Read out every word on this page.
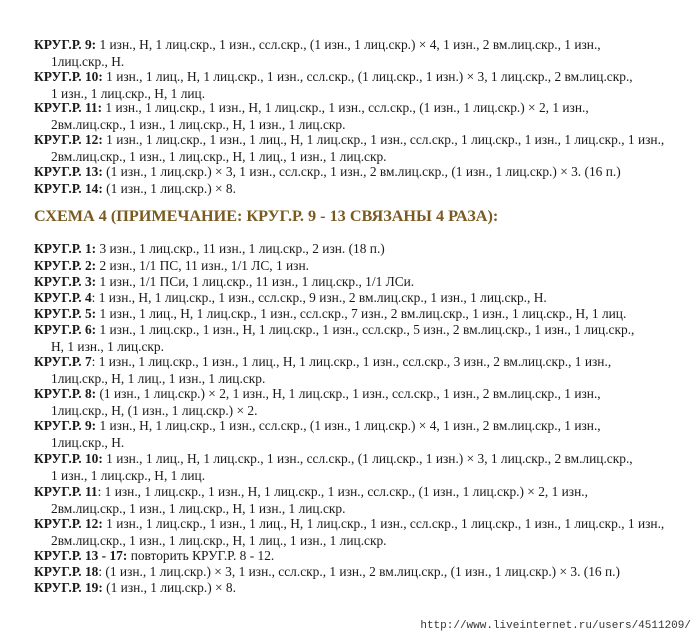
КРУГ.Р. 9: 1 изн., Н, 1 лиц.скр., 1 изн., ссл.скр., (1 изн., 1 лиц.скр.) × 4, 1 изн., 2 вм.лиц.скр., 1 изн.,
1лиц.скр., Н.
КРУГ.Р. 10: 1 изн., 1 лиц., Н, 1 лиц.скр., 1 изн., ссл.скр., (1 лиц.скр., 1 изн.) × 3, 1 лиц.скр., 2 вм.лиц.скр.,
1 изн., 1 лиц.скр., Н, 1 лиц.
КРУГ.Р. 11: 1 изн., 1 лиц.скр., 1 изн., Н, 1 лиц.скр., 1 изн., ссл.скр., (1 изн., 1 лиц.скр.) × 2, 1 изн.,
2вм.лиц.скр., 1 изн., 1 лиц.скр., Н, 1 изн., 1 лиц.скр.
КРУГ.Р. 12: 1 изн., 1 лиц.скр., 1 изн., 1 лиц., Н, 1 лиц.скр., 1 изн., ссл.скр., 1 лиц.скр., 1 изн., 1 лиц.скр., 1 изн.,
2вм.лиц.скр., 1 изн., 1 лиц.скр., Н, 1 лиц., 1 изн., 1 лиц.скр.
КРУГ.Р. 13: (1 изн., 1 лиц.скр.) × 3, 1 изн., ссл.скр., 1 изн., 2 вм.лиц.скр., (1 изн., 1 лиц.скр.) × 3. (16 п.)
КРУГ.Р. 14: (1 изн., 1 лиц.скр.) × 8.
СХЕМА 4 (ПРИМЕЧАНИЕ: КРУГ.Р. 9 - 13 СВЯЗАНЫ 4 РАЗА):
КРУГ.Р. 1: 3 изн., 1 лиц.скр., 11 изн., 1 лиц.скр., 2 изн. (18 п.)
КРУГ.Р. 2: 2 изн., 1/1 ПС, 11 изн., 1/1 ЛС, 1 изн.
КРУГ.Р. 3: 1 изн., 1/1 ПСи, 1 лиц.скр., 11 изн., 1 лиц.скр., 1/1 ЛСи.
КРУГ.Р. 4: 1 изн., Н, 1 лиц.скр., 1 изн., ссл.скр., 9 изн., 2 вм.лиц.скр., 1 изн., 1 лиц.скр., Н.
КРУГ.Р. 5: 1 изн., 1 лиц., Н, 1 лиц.скр., 1 изн., ссл.скр., 7 изн., 2 вм.лиц.скр., 1 изн., 1 лиц.скр., Н, 1 лиц.
КРУГ.Р. 6: 1 изн., 1 лиц.скр., 1 изн., Н, 1 лиц.скр., 1 изн., ссл.скр., 5 изн., 2 вм.лиц.скр., 1 изн., 1 лиц.скр.,
Н, 1 изн., 1 лиц.скр.
КРУГ.Р. 7: 1 изн., 1 лиц.скр., 1 изн., 1 лиц., Н, 1 лиц.скр., 1 изн., ссл.скр., 3 изн., 2 вм.лиц.скр., 1 изн.,
1лиц.скр., Н, 1 лиц., 1 изн., 1 лиц.скр.
КРУГ.Р. 8: (1 изн., 1 лиц.скр.) × 2, 1 изн., Н, 1 лиц.скр., 1 изн., ссл.скр., 1 изн., 2 вм.лиц.скр., 1 изн.,
1лиц.скр., Н, (1 изн., 1 лиц.скр.) × 2.
КРУГ.Р. 9: 1 изн., Н, 1 лиц.скр., 1 изн., ссл.скр., (1 изн., 1 лиц.скр.) × 4, 1 изн., 2 вм.лиц.скр., 1 изн.,
1лиц.скр., Н.
КРУГ.Р. 10: 1 изн., 1 лиц., Н, 1 лиц.скр., 1 изн., ссл.скр., (1 лиц.скр., 1 изн.) × 3, 1 лиц.скр., 2 вм.лиц.скр.,
1 изн., 1 лиц.скр., Н, 1 лиц.
КРУГ.Р. 11: 1 изн., 1 лиц.скр., 1 изн., Н, 1 лиц.скр., 1 изн., ссл.скр., (1 изн., 1 лиц.скр.) × 2, 1 изн.,
2вм.лиц.скр., 1 изн., 1 лиц.скр., Н, 1 изн., 1 лиц.скр.
КРУГ.Р. 12: 1 изн., 1 лиц.скр., 1 изн., 1 лиц., Н, 1 лиц.скр., 1 изн., ссл.скр., 1 лиц.скр., 1 изн., 1 лиц.скр., 1 изн.,
2вм.лиц.скр., 1 изн., 1 лиц.скр., Н, 1 лиц., 1 изн., 1 лиц.скр.
КРУГ.Р. 13 - 17: повторить КРУГ.Р. 8 - 12.
КРУГ.Р. 18: (1 изн., 1 лиц.скр.) × 3, 1 изн., ссл.скр., 1 изн., 2 вм.лиц.скр., (1 изн., 1 лиц.скр.) × 3. (16 п.)
КРУГ.Р. 19: (1 изн., 1 лиц.скр.) × 8.
http://www.liveinternet.ru/users/4511209/
